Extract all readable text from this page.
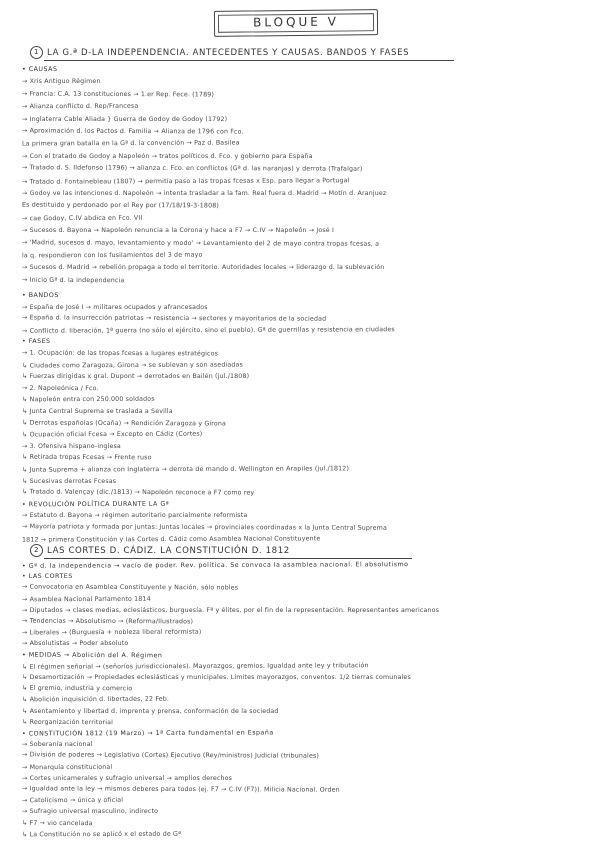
BLOQUE V
1 LA G.ª D-LA INDEPENDENCIA. ANTECEDENTES Y CAUSAS. BANDOS Y FASES
• CAUSAS
→ Xris Antiguo Régimen
→ Francia: C.A. 13 constituciones → 1.er Rep. Fece. (1789)
→ Alianza conflicto d. Rep/Francesa
→ Inglaterra Cable Aliada } Guerra de Godoy de Godoy (1792)
→ Aproximación d. los Pactos d. Familia → Alianza de 1796 con Fco.
La primera gran batalla en la Gª d. la convención → Paz d. Basilea
→ Con el tratado de Godoy a Napoleón → tratos políticos d. Fco. y gobierno para España
→ Tratado d. S. Ildefonso (1796) → alianza c. Fco. en conflictos (Gª d. las naranjas) y derrota (Trafalgar)
→ Tratado d. Fontainebleau (1807) → permitía paso a las tropas fcesas x Esp. para llegar a Portugal
→ Godoy ve las intenciones d. Napoleón → intenta trasladar a la fam. Real fuera d. Madrid → Motín d. Aranjuez
Es destituido y perdonado por el Rey por (17/18/19-3-1808)
→ cae Godoy, C.IV abdica en Fco. VII
→ Sucesos d. Bayona → Napoleón renuncia a la Corona y hace a F7 → C.IV → Napoleón → José I
→ 'Madrid, sucesos d. mayo, levantamiento y modo' → Levantamiento del 2 de mayo contra tropas fcesas, a
la q. respondieron con los fusilamientos del 3 de mayo
→ Sucesos d. Madrid → rebelión propaga a todo el territorio. Autoridades locales → liderazgo d. la sublevación
→ Inicio Gª d. la independencia
• BANDOS
→ España de José I → militares ocupados y afrancesados
→ España d. la insurrección patriotas → resistencia → sectores y mayoritarios de la sociedad
→ Conflicto d. liberación, 1ª guerra (no sólo el ejército, sino el pueblo). Gª de guerrillas y resistencia en ciudades
• FASES
→ 1. Ocupación: de las tropas fcesas a lugares estratégicos
↳ Ciudades como Zaragoza, Girona → se sublevan y son asediadas
↳ Fuerzas dirigidas x gral. Dupont → derrotados en Bailén (jul./1808)
→ 2. Napoleónica / Fco.
↳ Napoleón entra con 250.000 soldados
↳ Junta Central Suprema se traslada a Sevilla
↳ Derrotas españolas (Ocaña) → Rendición Zaragoza y Girona
↳ Ocupación oficial Fcesa → Excepto en Cádiz (Cortes)
→ 3. Ofensiva hispano-inglesa
↳ Retirada tropas Fcesas → Frente ruso
↳ Junta Suprema + alianza con Inglaterra → derrota de mando d. Wellington en Arapiles (jul./1812)
↳ Sucesivas derrotas Fcesas
↳ Tratado d. Valençay (dic./1813) → Napoleón reconoce a F7 como rey
• REVOLUCIÓN POLÍTICA DURANTE LA Gª
→ Estatuto d. Bayona → régimen autoritario parcialmente reformista
→ Mayoría patriota y formada por juntas: Juntas locales → provinciales coordinadas x la Junta Central Suprema
1812 → primera Constitución y las Cortes d. Cádiz como Asamblea Nacional Constituyente
2 LAS CORTES D. CÁDIZ. LA CONSTITUCIÓN D. 1812
• Gª d. la independencia → vacío de poder. Rev. política. Se convoca la asamblea nacional. El absolutismo
• LAS CORTES
→ Convocatoria en Asamblea Constituyente y Nación, sólo nobles
→ Asamblea Nacional Parlamento 1814
→ Diputados → clases medias, eclesiásticos, burguesía. Fª y élites, por el fin de la representación. Representantes americanos
→ Tendencias → Absolutismo → (Reforma/Ilustrados)
→ Liberales → (Burguesía + nobleza liberal reformista)
→ Absolutistas → Poder absoluto
• MEDIDAS → Abolición del A. Régimen
↳ El régimen señorial → (señoríos jurisdiccionales). Mayorazgos, gremios. Igualdad ante ley y tributación
↳ Desamortización → Propiedades eclesiásticas y municipales. Límites mayorazgos, conventos. 1/2 tierras comunales
↳ El gremio, industria y comercio
↳ Abolición inquisición d. libertades, 22 Feb.
↳ Asentamiento y libertad d. imprenta y prensa, conformación de la sociedad
↳ Reorganización territorial
• CONSTITUCIÓN 1812 (19 Marzo) → 1ª Carta fundamental en España
→ Soberanía nacional
→ División de poderes → Legislativo (Cortes) Ejecutivo (Rey/ministros) Judicial (tribunales)
→ Monarquía constitucional
→ Cortes unicamerales y sufragio universal → amplios derechos
→ Igualdad ante la ley → mismos deberes para todos (ej. F7 → C.IV (F7)). Milicia Nacional. Orden
→ Catolicismo → única y oficial
→ Sufragio universal masculino, indirecto
↳ F7 → vio cancelada
↳ La Constitución no se aplicó x el estado de Gª
